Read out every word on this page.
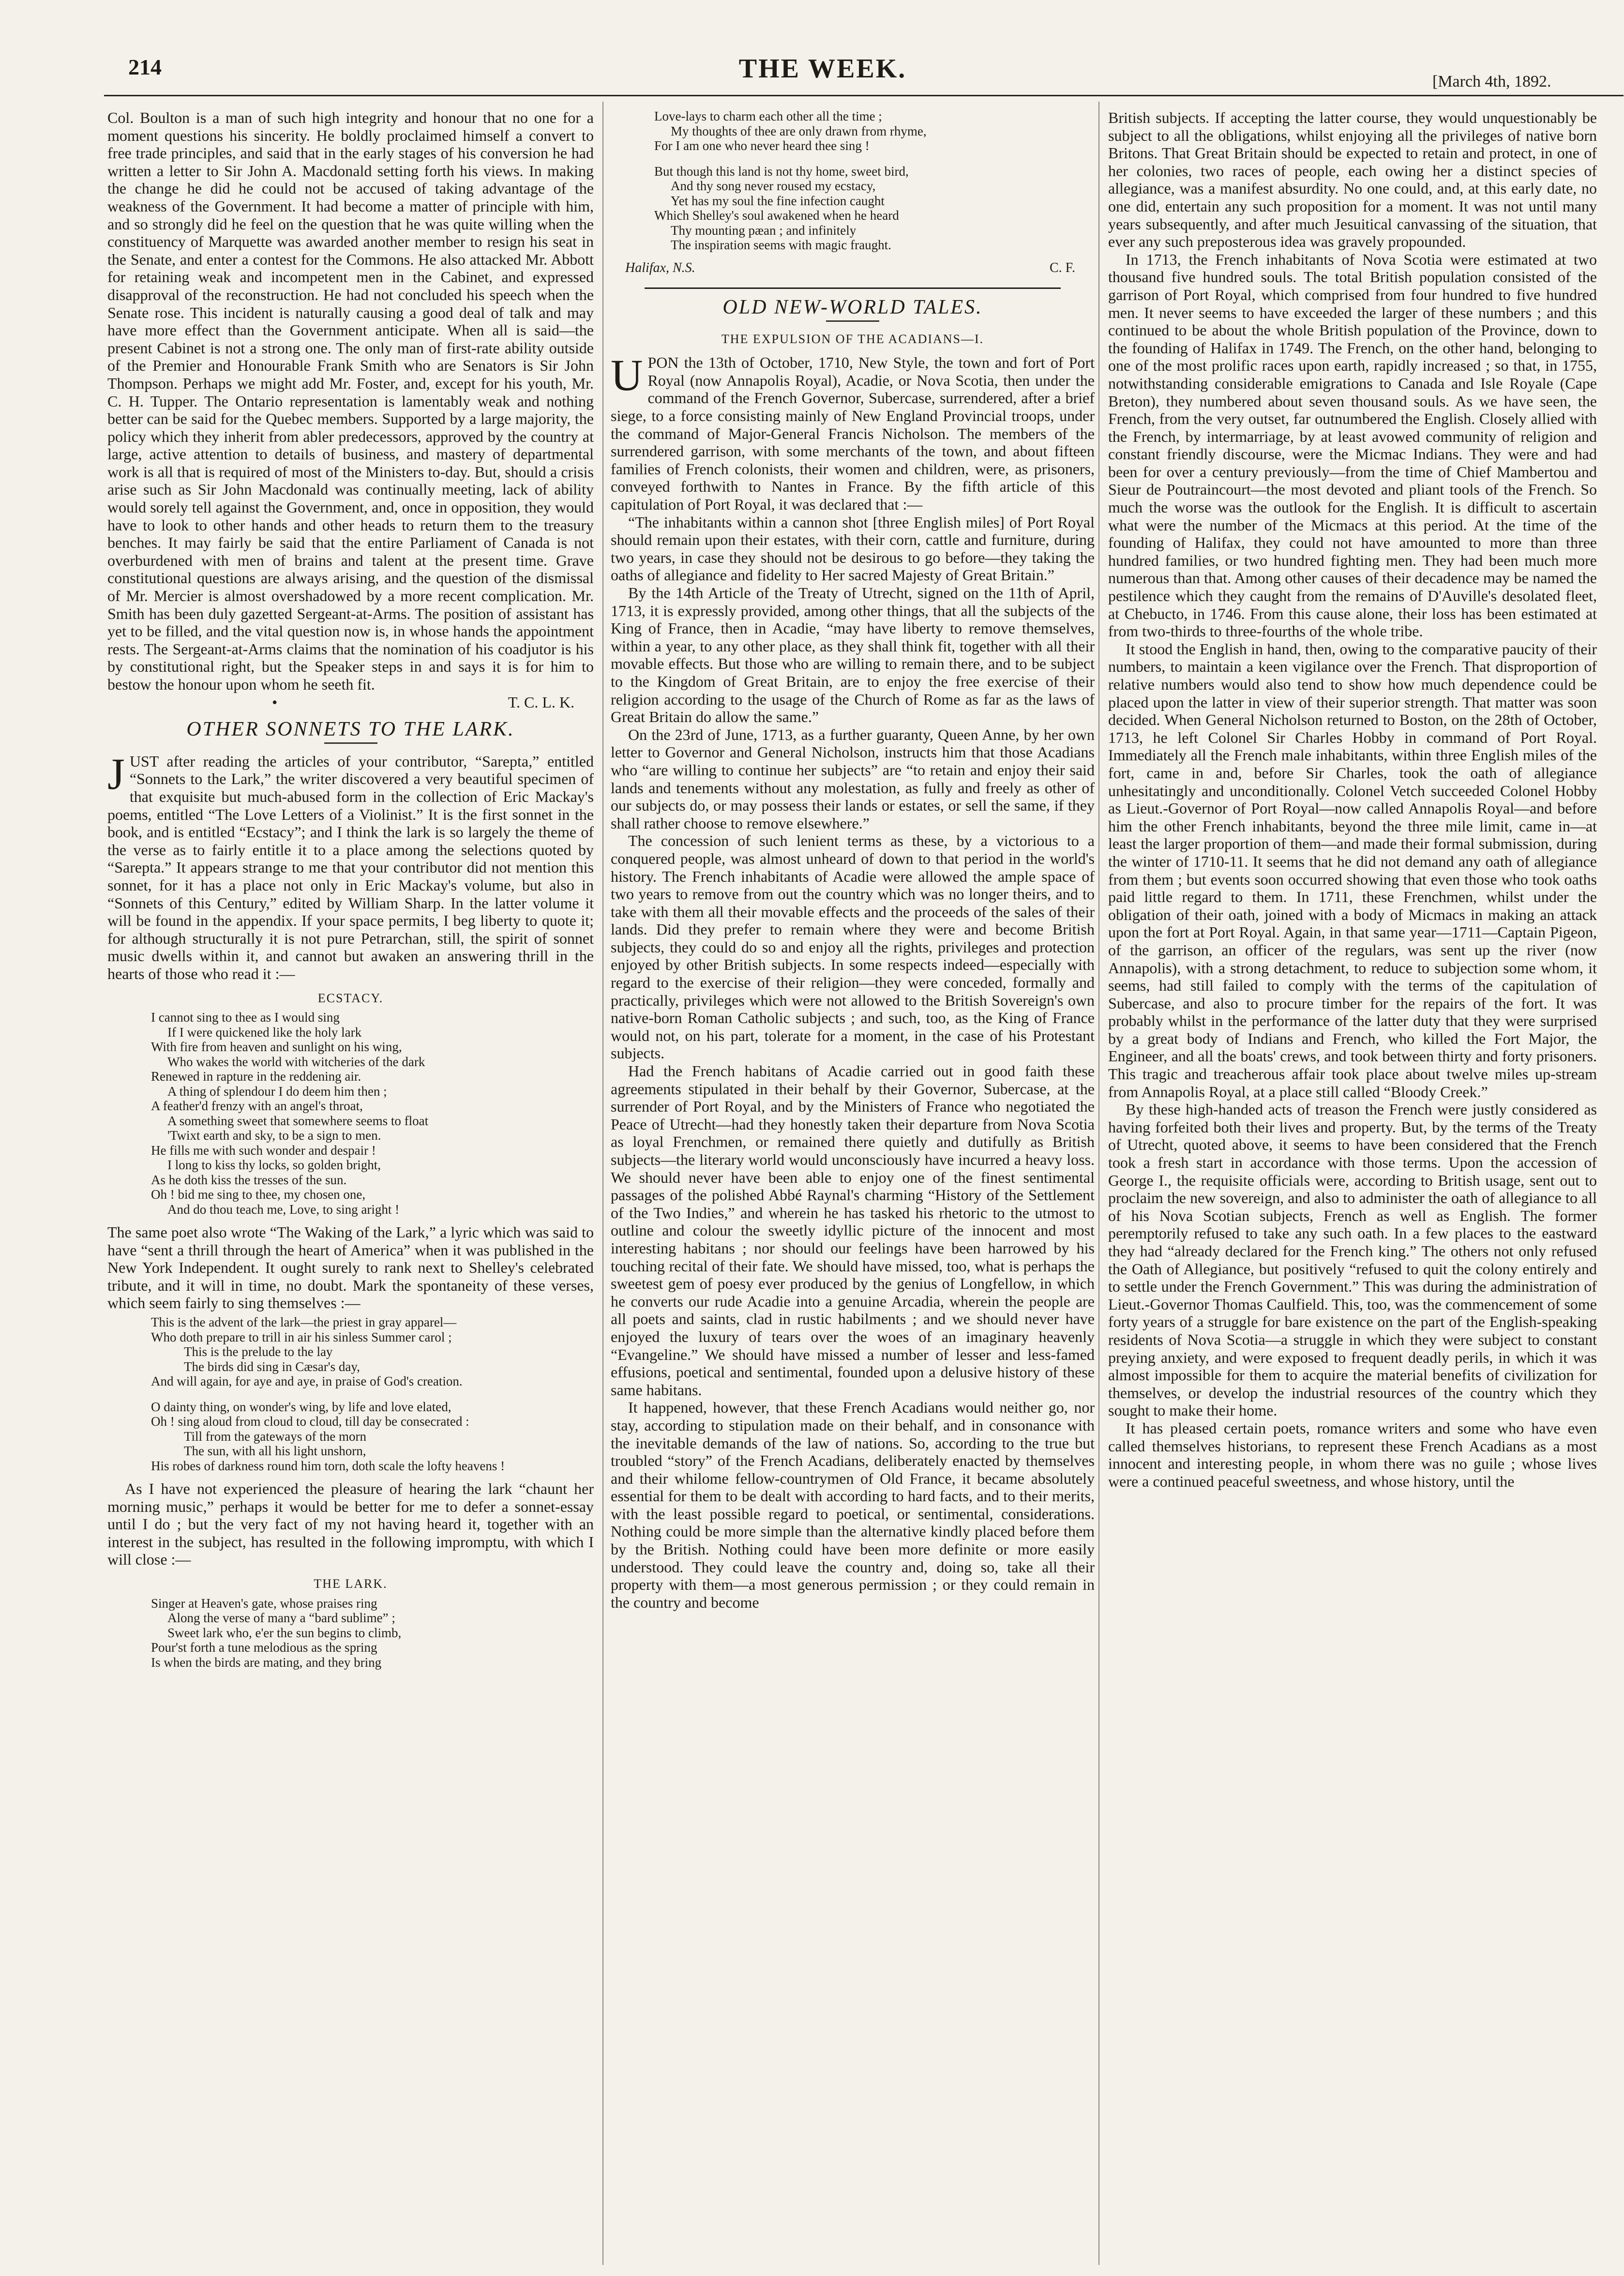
214	THE WEEK.	[March 4th, 1892.

Col. Boulton is a man of such high integrity and honour that no one for a moment questions his sincerity. He boldly proclaimed himself a convert to free trade principles, and said that in the early stages of his conversion he had written a letter to Sir John A. Macdonald setting forth his views. In making the change he did he could not be accused of taking advantage of the weakness of the Government. It had become a matter of principle with him, and so strongly did he feel on the question that he was quite willing when the constituency of Marquette was awarded another member to resign his seat in the Senate, and enter a contest for the Commons. He also attacked Mr. Abbott for retaining weak and incompetent men in the Cabinet, and expressed disapproval of the reconstruction. He had not concluded his speech when the Senate rose. This incident is naturally causing a good deal of talk and may have more effect than the Government anticipate. When all is said—the present Cabinet is not a strong one. The only man of first-rate ability outside of the Premier and Honourable Frank Smith who are Senators is Sir John Thompson. Perhaps we might add Mr. Foster, and, except for his youth, Mr. C. H. Tupper. The Ontario representation is lamentably weak and nothing better can be said for the Quebec members. Supported by a large majority, the policy which they inherit from abler predecessors, approved by the country at large, active attention to details of business, and mastery of departmental work is all that is required of most of the Ministers to-day. But, should a crisis arise such as Sir John Macdonald was continually meeting, lack of ability would sorely tell against the Government, and, once in opposition, they would have to look to other hands and other heads to return them to the treasury benches. It may fairly be said that the entire Parliament of Canada is not overburdened with men of brains and talent at the present time. Grave constitutional questions are always arising, and the question of the dismissal of Mr. Mercier is almost overshadowed by a more recent complication. Mr. Smith has been duly gazetted Sergeant-at-Arms. The position of assistant has yet to be filled, and the vital question now is, in whose hands the appointment rests. The Sergeant-at-Arms claims that the nomination of his coadjutor is his by constitutional right, but the Speaker steps in and says it is for him to bestow the honour upon whom he seeth fit.

•	T. C. L. K.
OTHER SONNETS TO THE LARK.

JUST after reading the articles of your contributor, “Sarepta,” entitled “Sonnets to the Lark,” the writer discovered a very beautiful specimen of that exquisite but much-abused form in the collection of Eric Mackay's poems, entitled “The Love Letters of a Violinist.” It is the first sonnet in the book, and is entitled “Ecstacy”; and I think the lark is so largely the theme of the verse as to fairly entitle it to a place among the selections quoted by “Sarepta.” It appears strange to me that your contributor did not mention this sonnet, for it has a place not only in Eric Mackay's volume, but also in “Sonnets of this Century,” edited by William Sharp. In the latter volume it will be found in the appendix. If your space permits, I beg liberty to quote it; for although structurally it is not pure Petrarchan, still, the spirit of sonnet music dwells within it, and cannot but awaken an answering thrill in the hearts of those who read it :—

ECSTACY.
I cannot sing to thee as I would sing
If I were quickened like the holy lark
With fire from heaven and sunlight on his wing,
Who wakes the world with witcheries of the dark
Renewed in rapture in the reddening air.
A thing of splendour I do deem him then ;
A feather'd frenzy with an angel's throat,
A something sweet that somewhere seems to float
'Twixt earth and sky, to be a sign to men.
He fills me with such wonder and despair !
I long to kiss thy locks, so golden bright,
As he doth kiss the tresses of the sun.
Oh ! bid me sing to thee, my chosen one,
And do thou teach me, Love, to sing aright !

The same poet also wrote “The Waking of the Lark,” a lyric which was said to have “sent a thrill through the heart of America” when it was published in the New York Independent. It ought surely to rank next to Shelley's celebrated tribute, and it will in time, no doubt. Mark the spontaneity of these verses, which seem fairly to sing themselves :—

This is the advent of the lark—the priest in gray apparel—
Who doth prepare to trill in air his sinless Summer carol ;
This is the prelude to the lay
The birds did sing in Cæsar's day,
And will again, for aye and aye, in praise of God's creation.
O dainty thing, on wonder's wing, by life and love elated,
Oh ! sing aloud from cloud to cloud, till day be consecrated :
Till from the gateways of the morn
The sun, with all his light unshorn,
His robes of darkness round him torn, doth scale the lofty heavens !

As I have not experienced the pleasure of hearing the lark “chaunt her morning music,” perhaps it would be better for me to defer a sonnet-essay until I do ; but the very fact of my not having heard it, together with an interest in the subject, has resulted in the following impromptu, with which I will close :—

THE LARK.
Singer at Heaven's gate, whose praises ring
Along the verse of many a “bard sublime” ;
Sweet lark who, e'er the sun begins to climb,
Pour'st forth a tune melodious as the spring
Is when the birds are mating, and they bring
Love-lays to charm each other all the time ;
My thoughts of thee are only drawn from rhyme,
For I am one who never heard thee sing !
But though this land is not thy home, sweet bird,
And thy song never roused my ecstacy,
Yet has my soul the fine infection caught
Which Shelley's soul awakened when he heard
Thy mounting pæan ; and infinitely
The inspiration seems with magic fraught.
Halifax, N.S.	C. F.
OLD NEW-WORLD TALES.
THE EXPULSION OF THE ACADIANS—I.

UPON the 13th of October, 1710, New Style, the town and fort of Port Royal (now Annapolis Royal), Acadie, or Nova Scotia, then under the command of the French Governor, Subercase, surrendered, after a brief siege, to a force consisting mainly of New England Provincial troops, under the command of Major-General Francis Nicholson. The members of the surrendered garrison, with some merchants of the town, and about fifteen families of French colonists, their women and children, were, as prisoners, conveyed forthwith to Nantes in France. By the fifth article of this capitulation of Port Royal, it was declared that :—

“The inhabitants within a cannon shot [three English miles] of Port Royal should remain upon their estates, with their corn, cattle and furniture, during two years, in case they should not be desirous to go before—they taking the oaths of allegiance and fidelity to Her sacred Majesty of Great Britain.”

By the 14th Article of the Treaty of Utrecht, signed on the 11th of April, 1713, it is expressly provided, among other things, that all the subjects of the King of France, then in Acadie, “may have liberty to remove themselves, within a year, to any other place, as they shall think fit, together with all their movable effects. But those who are willing to remain there, and to be subject to the Kingdom of Great Britain, are to enjoy the free exercise of their religion according to the usage of the Church of Rome as far as the laws of Great Britain do allow the same.”

On the 23rd of June, 1713, as a further guaranty, Queen Anne, by her own letter to Governor and General Nicholson, instructs him that those Acadians who “are willing to continue her subjects” are “to retain and enjoy their said lands and tenements without any molestation, as fully and freely as other of our subjects do, or may possess their lands or estates, or sell the same, if they shall rather choose to remove elsewhere.”

The concession of such lenient terms as these, by a victorious to a conquered people, was almost unheard of down to that period in the world's history. The French inhabitants of Acadie were allowed the ample space of two years to remove from out the country which was no longer theirs, and to take with them all their movable effects and the proceeds of the sales of their lands. Did they prefer to remain where they were and become British subjects, they could do so and enjoy all the rights, privileges and protection enjoyed by other British subjects. In some respects indeed—especially with regard to the exercise of their religion—they were conceded, formally and practically, privileges which were not allowed to the British Sovereign's own native-born Roman Catholic subjects ; and such, too, as the King of France would not, on his part, tolerate for a moment, in the case of his Protestant subjects.

Had the French habitans of Acadie carried out in good faith these agreements stipulated in their behalf by their Governor, Subercase, at the surrender of Port Royal, and by the Ministers of France who negotiated the Peace of Utrecht—had they honestly taken their departure from Nova Scotia as loyal Frenchmen, or remained there quietly and dutifully as British subjects—the literary world would unconsciously have incurred a heavy loss. We should never have been able to enjoy one of the finest sentimental passages of the polished Abbé Raynal's charming “History of the Settlement of the Two Indies,” and wherein he has tasked his rhetoric to the utmost to outline and colour the sweetly idyllic picture of the innocent and most interesting habitans ; nor should our feelings have been harrowed by his touching recital of their fate. We should have missed, too, what is perhaps the sweetest gem of poesy ever produced by the genius of Longfellow, in which he converts our rude Acadie into a genuine Arcadia, wherein the people are all poets and saints, clad in rustic habilments ; and we should never have enjoyed the luxury of tears over the woes of an imaginary heavenly “Evangeline.” We should have missed a number of lesser and less-famed effusions, poetical and sentimental, founded upon a delusive history of these same habitans.

It happened, however, that these French Acadians would neither go, nor stay, according to stipulation made on their behalf, and in consonance with the inevitable demands of the law of nations. So, according to the true but troubled “story” of the French Acadians, deliberately enacted by themselves and their whilome fellow-countrymen of Old France, it became absolutely essential for them to be dealt with according to hard facts, and to their merits, with the least possible regard to poetical, or sentimental, considerations. Nothing could be more simple than the alternative kindly placed before them by the British. Nothing could have been more definite or more easily understood. They could leave the country and, doing so, take all their property with them—a most generous permission ; or they could remain in the country and become

British subjects. If accepting the latter course, they would unquestionably be subject to all the obligations, whilst enjoying all the privileges of native born Britons. That Great Britain should be expected to retain and protect, in one of her colonies, two races of people, each owing her a distinct species of allegiance, was a manifest absurdity. No one could, and, at this early date, no one did, entertain any such proposition for a moment. It was not until many years subsequently, and after much Jesuitical canvassing of the situation, that ever any such preposterous idea was gravely propounded.

In 1713, the French inhabitants of Nova Scotia were estimated at two thousand five hundred souls. The total British population consisted of the garrison of Port Royal, which comprised from four hundred to five hundred men. It never seems to have exceeded the larger of these numbers ; and this continued to be about the whole British population of the Province, down to the founding of Halifax in 1749. The French, on the other hand, belonging to one of the most prolific races upon earth, rapidly increased ; so that, in 1755, notwithstanding considerable emigrations to Canada and Isle Royale (Cape Breton), they numbered about seven thousand souls. As we have seen, the French, from the very outset, far outnumbered the English. Closely allied with the French, by intermarriage, by at least avowed community of religion and constant friendly discourse, were the Micmac Indians. They were and had been for over a century previously—from the time of Chief Mambertou and Sieur de Poutraincourt—the most devoted and pliant tools of the French. So much the worse was the outlook for the English. It is difficult to ascertain what were the number of the Micmacs at this period. At the time of the founding of Halifax, they could not have amounted to more than three hundred families, or two hundred fighting men. They had been much more numerous than that. Among other causes of their decadence may be named the pestilence which they caught from the remains of D'Auville's desolated fleet, at Chebucto, in 1746. From this cause alone, their loss has been estimated at from two-thirds to three-fourths of the whole tribe.

It stood the English in hand, then, owing to the comparative paucity of their numbers, to maintain a keen vigilance over the French. That disproportion of relative numbers would also tend to show how much dependence could be placed upon the latter in view of their superior strength. That matter was soon decided. When General Nicholson returned to Boston, on the 28th of October, 1713, he left Colonel Sir Charles Hobby in command of Port Royal. Immediately all the French male inhabitants, within three English miles of the fort, came in and, before Sir Charles, took the oath of allegiance unhesitatingly and unconditionally. Colonel Vetch succeeded Colonel Hobby as Lieut.-Governor of Port Royal—now called Annapolis Royal—and before him the other French inhabitants, beyond the three mile limit, came in—at least the larger proportion of them—and made their formal submission, during the winter of 1710-11. It seems that he did not demand any oath of allegiance from them ; but events soon occurred showing that even those who took oaths paid little regard to them. In 1711, these Frenchmen, whilst under the obligation of their oath, joined with a body of Micmacs in making an attack upon the fort at Port Royal. Again, in that same year—1711—Captain Pigeon, of the garrison, an officer of the regulars, was sent up the river (now Annapolis), with a strong detachment, to reduce to subjection some whom, it seems, had still failed to comply with the terms of the capitulation of Subercase, and also to procure timber for the repairs of the fort. It was probably whilst in the performance of the latter duty that they were surprised by a great body of Indians and French, who killed the Fort Major, the Engineer, and all the boats' crews, and took between thirty and forty prisoners. This tragic and treacherous affair took place about twelve miles up-stream from Annapolis Royal, at a place still called “Bloody Creek.”

By these high-handed acts of treason the French were justly considered as having forfeited both their lives and property. But, by the terms of the Treaty of Utrecht, quoted above, it seems to have been considered that the French took a fresh start in accordance with those terms. Upon the accession of George I., the requisite officials were, according to British usage, sent out to proclaim the new sovereign, and also to administer the oath of allegiance to all of his Nova Scotian subjects, French as well as English. The former peremptorily refused to take any such oath. In a few places to the eastward they had “already declared for the French king.” The others not only refused the Oath of Allegiance, but positively “refused to quit the colony entirely and to settle under the French Government.” This was during the administration of Lieut.-Governor Thomas Caulfield. This, too, was the commencement of some forty years of a struggle for bare existence on the part of the English-speaking residents of Nova Scotia—a struggle in which they were subject to constant preying anxiety, and were exposed to frequent deadly perils, in which it was almost impossible for them to acquire the material benefits of civilization for themselves, or develop the industrial resources of the country which they sought to make their home.

It has pleased certain poets, romance writers and some who have even called themselves historians, to represent these French Acadians as a most innocent and interesting people, in whom there was no guile ; whose lives were a continued peaceful sweetness, and whose history, until the
